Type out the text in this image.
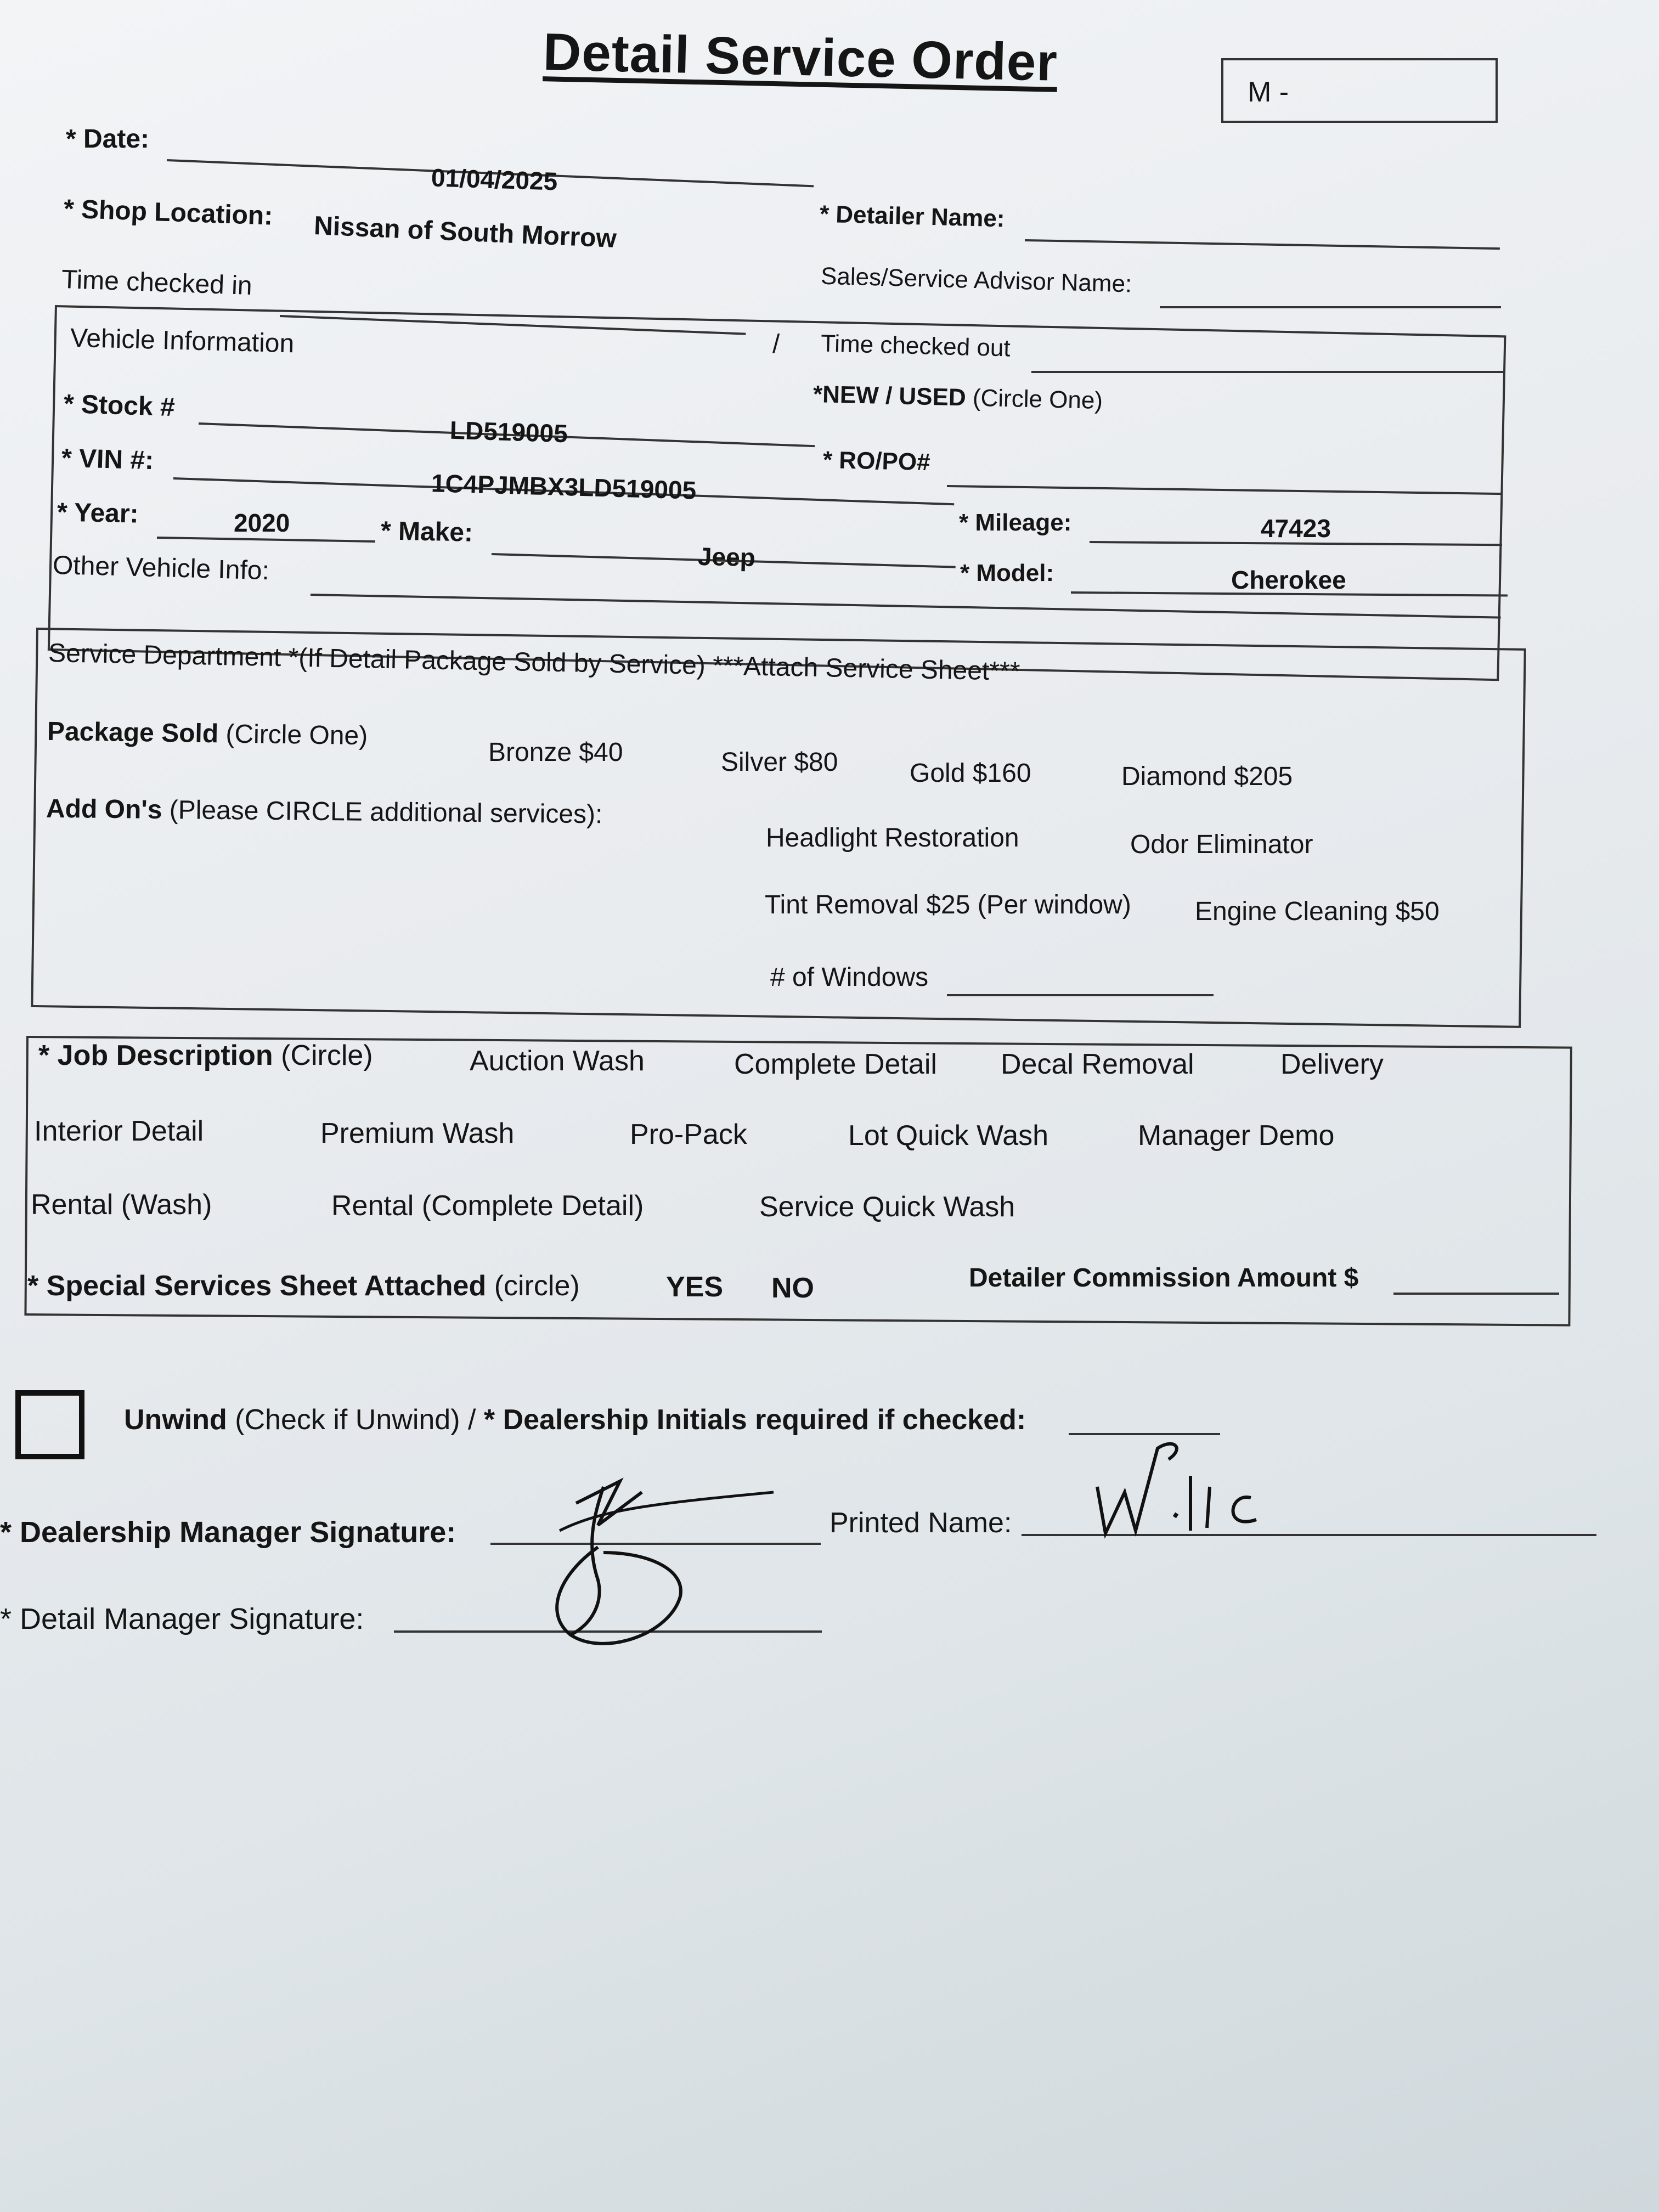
Detail Service Order
M -
* Date:
01/04/2025
* Detailer Name:
* Shop Location: Nissan of South Morrow
Sales/Service Advisor Name:
Time checked in
/ Time checked out
Vehicle Information
*NEW / USED (Circle One)
* Stock #
LD519005
* RO/PO#
* VIN #:
1C4PJMBX3LD519005
* Mileage:	47423
* Year:	2020	* Make:
Jeep
* Model:	Cherokee
Other Vehicle Info:
Service Department *(If Detail Package Sold by Service) ***Attach Service Sheet***
Package Sold (Circle One)
Bronze $40	Silver $80	Gold $160	Diamond $205
Add On's (Please CIRCLE additional services):
Headlight Restoration	Odor Eliminator
Tint Removal $25 (Per window) Engine Cleaning $50
# of Windows
* Job Description (Circle)	Auction Wash	Complete Detail Decal Removal	Delivery
Interior Detail	Premium Wash	Pro-Pack	Lot Quick Wash	Manager Demo
Rental (Wash)	Rental (Complete Detail)	Service Quick Wash
* Special Services Sheet Attached (circle)	YES NO	Detailer Commission Amount $
Unwind (Check if Unwind) / * Dealership Initials required if checked:
* Dealership Manager Signature:	Printed Name:
* Detail Manager Signature:
